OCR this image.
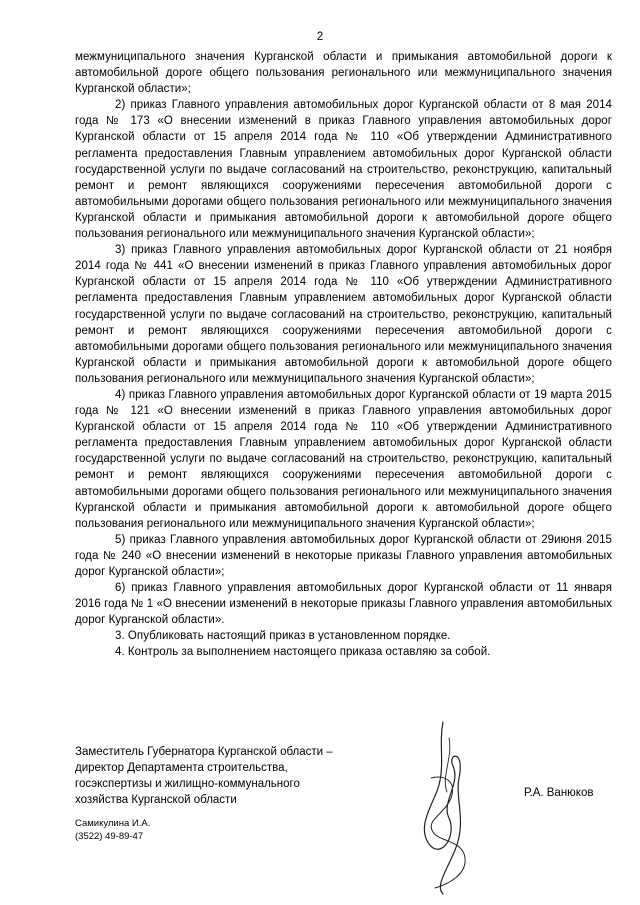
2

межмуниципального значения Курганской области и примыкания автомобильной дороги к автомобильной дороге общего пользования регионального или межмуниципального значения Курганской области»;

2) приказ Главного управления автомобильных дорог Курганской области от 8 мая 2014 года № 173 «О внесении изменений в приказ Главного управления автомобильных дорог Курганской области от 15 апреля 2014 года № 110 «Об утверждении Административного регламента предоставления Главным управлением автомобильных дорог Курганской области государственной услуги по выдаче согласований на строительство, реконструкцию, капитальный ремонт и ремонт являющихся сооружениями пересечения автомобильной дороги с автомобильными дорогами общего пользования регионального или межмуниципального значения Курганской области и примыкания автомобильной дороги к автомобильной дороге общего пользования регионального или межмуниципального значения Курганской области»;

3) приказ Главного управления автомобильных дорог Курганской области от 21 ноября 2014 года № 441 «О внесении изменений в приказ Главного управления автомобильных дорог Курганской области от 15 апреля 2014 года № 110 «Об утверждении Административного регламента предоставления Главным управлением автомобильных дорог Курганской области государственной услуги по выдаче согласований на строительство, реконструкцию, капитальный ремонт и ремонт являющихся сооружениями пересечения автомобильной дороги с автомобильными дорогами общего пользования регионального или межмуниципального значения Курганской области и примыкания автомобильной дороги к автомобильной дороге общего пользования регионального или межмуниципального значения Курганской области»;

4) приказ Главного управления автомобильных дорог Курганской области от 19 марта 2015 года № 121 «О внесении изменений в приказ Главного управления автомобильных дорог Курганской области от 15 апреля 2014 года № 110 «Об утверждении Административного регламента предоставления Главным управлением автомобильных дорог Курганской области государственной услуги по выдаче согласований на строительство, реконструкцию, капитальный ремонт и ремонт являющихся сооружениями пересечения автомобильной дороги с автомобильными дорогами общего пользования регионального или межмуниципального значения Курганской области и примыкания автомобильной дороги к автомобильной дороге общего пользования регионального или межмуниципального значения Курганской области»;

5) приказ Главного управления автомобильных дорог Курганской области от 29июня 2015 года № 240 «О внесении изменений в некоторые приказы Главного управления автомобильных дорог Курганской области»;

6) приказ Главного управления автомобильных дорог Курганской области от 11 января 2016 года № 1 «О внесении изменений в некоторые приказы Главного управления автомобильных дорог Курганской области».

3. Опубликовать настоящий приказ в установленном порядке.

4. Контроль за выполнением настоящего приказа оставляю за собой.

Заместитель Губернатора Курганской области –
директор Департамента строительства,
госэкспертизы и жилищно-коммунального
хозяйства Курганской области
Р.А. Ванюков
Самикулина И.А.
(3522) 49-89-47
